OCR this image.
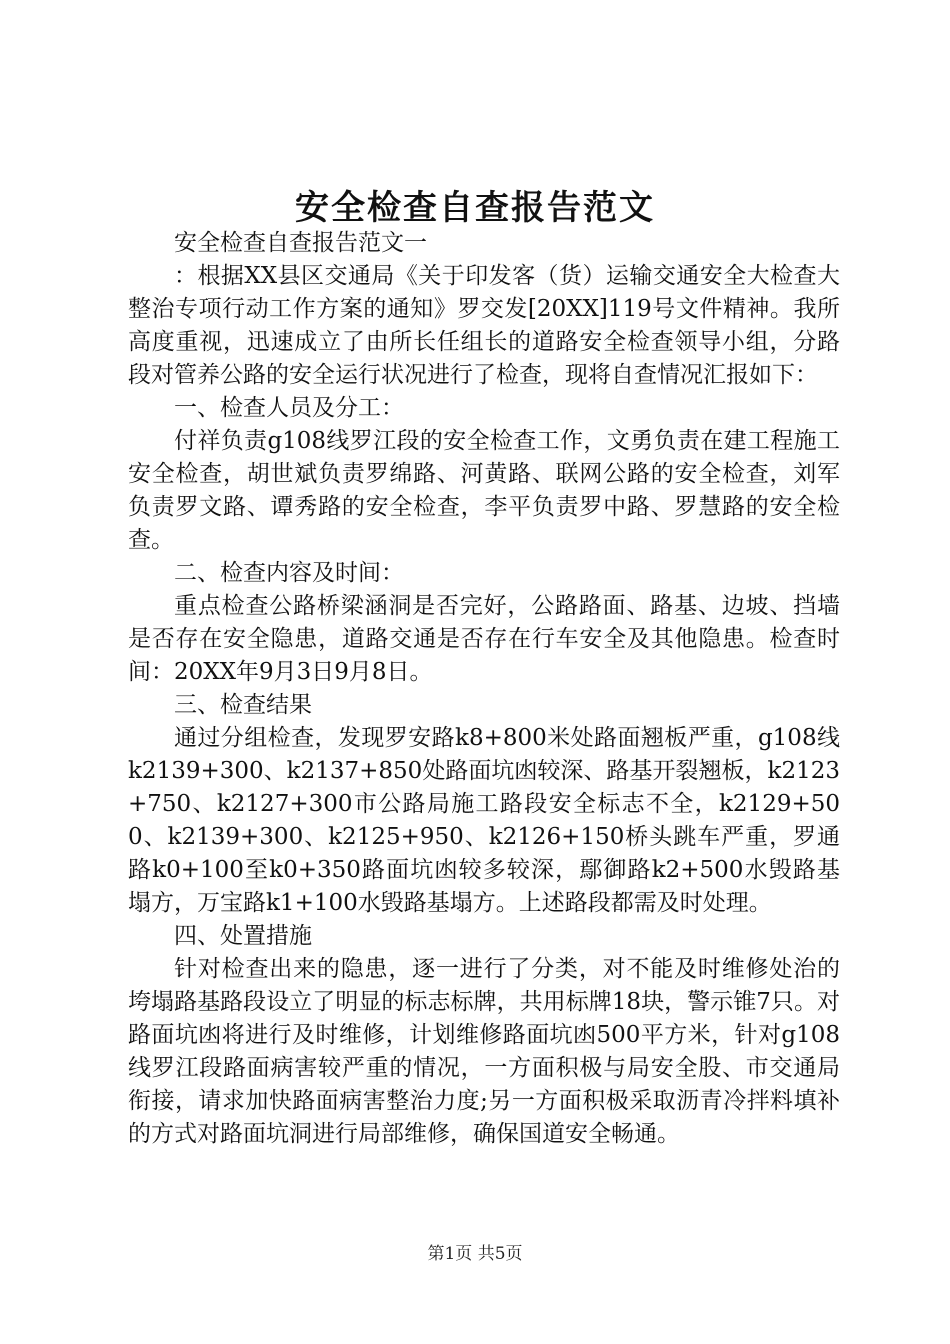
安全检查自查报告范文

安全检查自查报告范文一

：根据XX县区交通局《关于印发客（货）运输交通安全大检查大整治专项行动工作方案的通知》罗交发[20XX]119号文件精神。我所高度重视，迅速成立了由所长任组长的道路安全检查领导小组，分路段对管养公路的安全运行状况进行了检查，现将自查情况汇报如下：

一、检查人员及分工：

付祥负责g108线罗江段的安全检查工作，文勇负责在建工程施工安全检查，胡世斌负责罗绵路、河黄路、联网公路的安全检查，刘军负责罗文路、谭秀路的安全检查，李平负责罗中路、罗慧路的安全检查。

二、检查内容及时间：

重点检查公路桥梁涵洞是否完好，公路路面、路基、边坡、挡墙是否存在安全隐患，道路交通是否存在行车安全及其他隐患。检查时间：20XX年9月3日9月8日。

三、检查结果

通过分组检查，发现罗安路k8+800米处路面翘板严重，g108线k2139+300、k2137+850处路面坑凼较深、路基开裂翘板，k2123+750、k2127+300市公路局施工路段安全标志不全，k2129+500、k2139+300、k2125+950、k2126+150桥头跳车严重，罗通路k0+100至k0+350路面坑凼较多较深，鄢御路k2+500水毁路基塌方，万宝路k1+100水毁路基塌方。上述路段都需及时处理。

四、处置措施

针对检查出来的隐患，逐一进行了分类，对不能及时维修处治的垮塌路基路段设立了明显的标志标牌，共用标牌18块，警示锥7只。对路面坑凼将进行及时维修，计划维修路面坑凼500平方米，针对g108线罗江段路面病害较严重的情况，一方面积极与局安全股、市交通局衔接，请求加快路面病害整治力度;另一方面积极采取沥青冷拌料填补的方式对路面坑洞进行局部维修，确保国道安全畅通。

第1页 共5页
